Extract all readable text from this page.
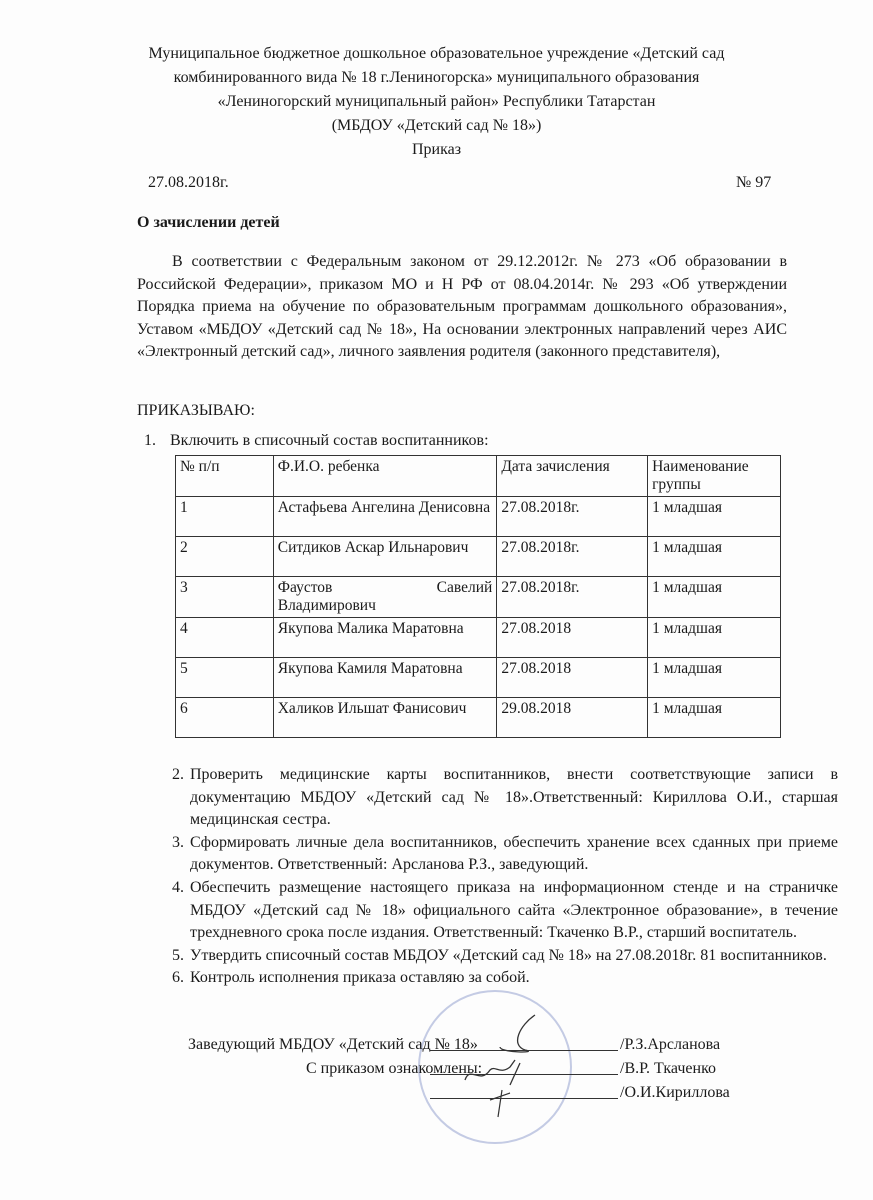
Муниципальное бюджетное дошкольное образовательное учреждение «Детский сад
комбинированного вида № 18 г.Лениногорска» муниципального образования
«Лениногорский муниципальный район» Республики Татарстан
(МБДОУ «Детский сад № 18»)
Приказ
27.08.2018г.	№ 97
О зачислении детей

В соответствии с Федеральным законом от 29.12.2012г. № 273 «Об образовании в Российской Федерации», приказом МО и Н РФ от 08.04.2014г. № 293 «Об утверждении Порядка приема на обучение по образовательным программам дошкольного образования», Уставом «МБДОУ «Детский сад № 18», На основании электронных направлений через АИС «Электронный детский сад», личного заявления родителя (законного представителя),

ПРИКАЗЫВАЮ:
1. Включить в списочный состав воспитанников:
№ п/п	Ф.И.О. ребенка	Дата зачисления	Наименование группы
1	Астафьева Ангелина Денисовна	27.08.2018г.	1 младшая
2	Ситдиков Аскар Ильнарович	27.08.2018г.	1 младшая
3	Фаустов Савелий Владимирович	27.08.2018г.	1 младшая
4	Якупова Малика Маратовна	27.08.2018	1 младшая
5	Якупова Камиля Маратовна	27.08.2018	1 младшая
6	Халиков Ильшат Фанисович	29.08.2018	1 младшая
2. Проверить медицинские карты воспитанников, внести соответствующие записи в документацию МБДОУ «Детский сад № 18».Ответственный: Кириллова О.И., старшая медицинская сестра.
3. Сформировать личные дела воспитанников, обеспечить хранение всех сданных при приеме документов. Ответственный: Арсланова Р.З., заведующий.
4. Обеспечить размещение настоящего приказа на информационном стенде и на страничке МБДОУ «Детский сад № 18» официального сайта «Электронное образование», в течение трехдневного срока после издания. Ответственный: Ткаченко В.Р., старший воспитатель.
5. Утвердить списочный состав МБДОУ «Детский сад № 18» на 27.08.2018г. 81 воспитанников.
6. Контроль исполнения приказа оставляю за собой.
Заведующий МБДОУ «Детский сад № 18»	/Р.З.Арсланова
С приказом ознакомлены:	/В.Р. Ткаченко
/О.И.Кириллова
